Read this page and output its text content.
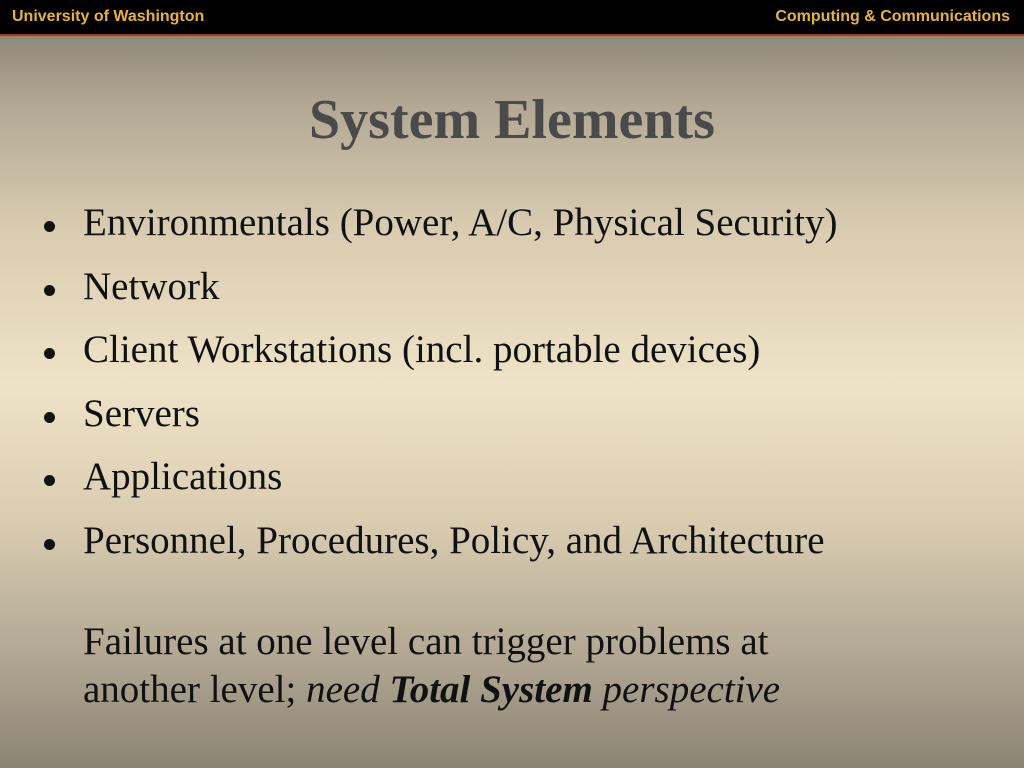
University of Washington	Computing & Communications
System Elements
Environmentals (Power, A/C, Physical Security)
Network
Client Workstations (incl. portable devices)
Servers
Applications
Personnel, Procedures, Policy, and Architecture
Failures at one level can trigger problems at
another level; need Total System perspective
